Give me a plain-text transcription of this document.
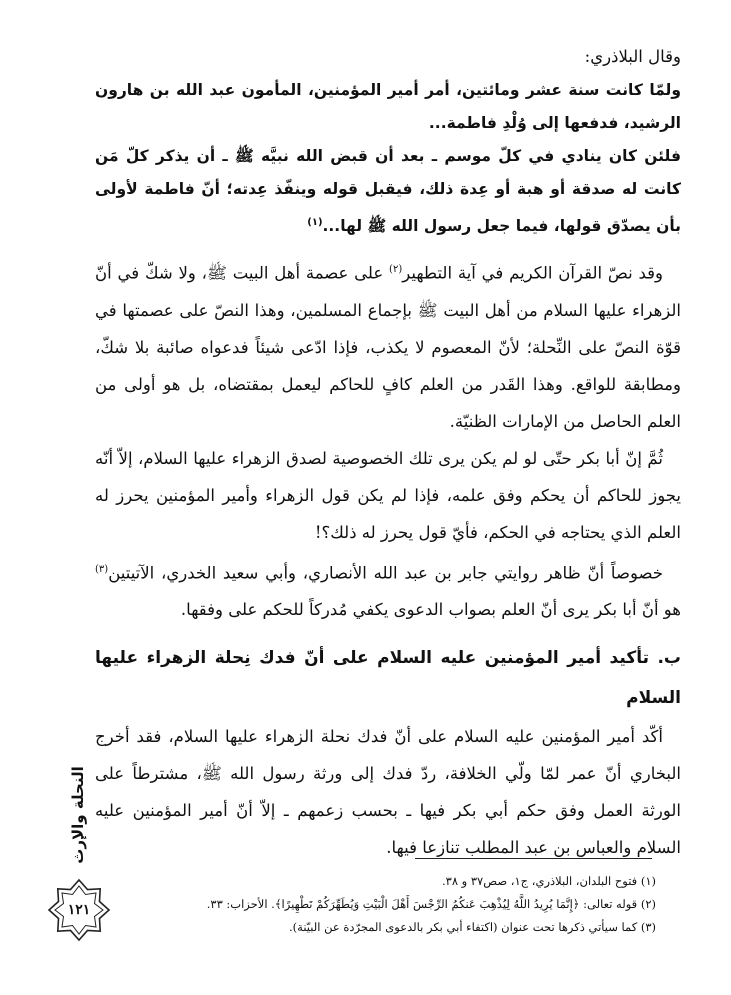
وقال البلاذري:

ولمّا كانت سنة عشر ومائتين، أمر أمير المؤمنين، المأمون عبد الله بن هارون الرشيد، فدفعها إلى وُلْدِ فاطمة...

فلئن كان ينادي في كلّ موسم ـ بعد أن قبض الله نبيَّه ﷺ ـ أن يذكر كلّ مَن كانت له صدقة أو هبة أو عِدة ذلك، فيقبل قوله وينفّذ عِدته؛ أنّ فاطمة لأولى بأن يصدّق قولها، فيما جعل رسول الله ﷺ لها...$^{(١)}$

وقد نصّ القرآن الكريم في آية التطهير$^{(٢)}$ على عصمة أهل البيت ﷺ، ولا شكّ في أنّ الزهراء عليها السلام من أهل البيت ﷺ بإجماع المسلمين، وهذا النصّ على عصمتها في قوّة النصّ على النِّحلة؛ لأنّ المعصوم لا يكذب، فإذا ادّعى شيئاً فدعواه صائبة بلا شكّ، ومطابقة للواقع. وهذا القَدر من العلم كافٍ للحاكم ليعمل بمقتضاه، بل هو أولى من العلم الحاصل من الإمارات الظنيّة.

ثُمَّ إنّ أبا بكر حتّى لو لم يكن يرى تلك الخصوصية لصدق الزهراء عليها السلام، إلاّ أنّه يجوز للحاكم أن يحكم وفق علمه، فإذا لم يكن قول الزهراء وأمير المؤمنين يحرز له العلم الذي يحتاجه في الحكم، فأيّ قول يحرز له ذلك؟!

خصوصاً أنّ ظاهر روايتي جابر بن عبد الله الأنصاري، وأبي سعيد الخدري، الآتيتين$^{(٣)}$ هو أنّ أبا بكر يرى أنّ العلم بصواب الدعوى يكفي مُدركاً للحكم على وفقها.

ب. تأكيد أمير المؤمنين عليه السلام على أنّ فدك نِحلة الزهراء عليها السلام

أكّد أمير المؤمنين عليه السلام على أنّ فدك نحلة الزهراء عليها السلام، فقد أخرج البخاري أنّ عمر لمّا ولّي الخلافة، ردّ فدك إلى ورثة رسول الله ﷺ، مشترطاً على الورثة العمل وفق حكم أبي بكر فيها ـ بحسب زعمهم ـ إلاّ أنّ أمير المؤمنين عليه السلام والعباس بن عبد المطلب تنازعا فيها.

(١) فتوح البلدان، البلاذري، ج١، صص٣٧ و ٣٨.

(٢) قوله تعالى: ﴿إِنَّمَا يُرِيدُ اللَّهُ لِيُذْهِبَ عَنكُمُ الرِّجْسَ أَهْلَ الْبَيْتِ وَيُطَهِّرَكُمْ تَطْهِيرًا﴾. الأحزاب: ٣٣.

(٣) كما سيأتي ذكرها تحت عنوان (اكتفاء أبي بكر بالدعوى المجرّدة عن البيّنة).

النحلة والإرث
١٢١
